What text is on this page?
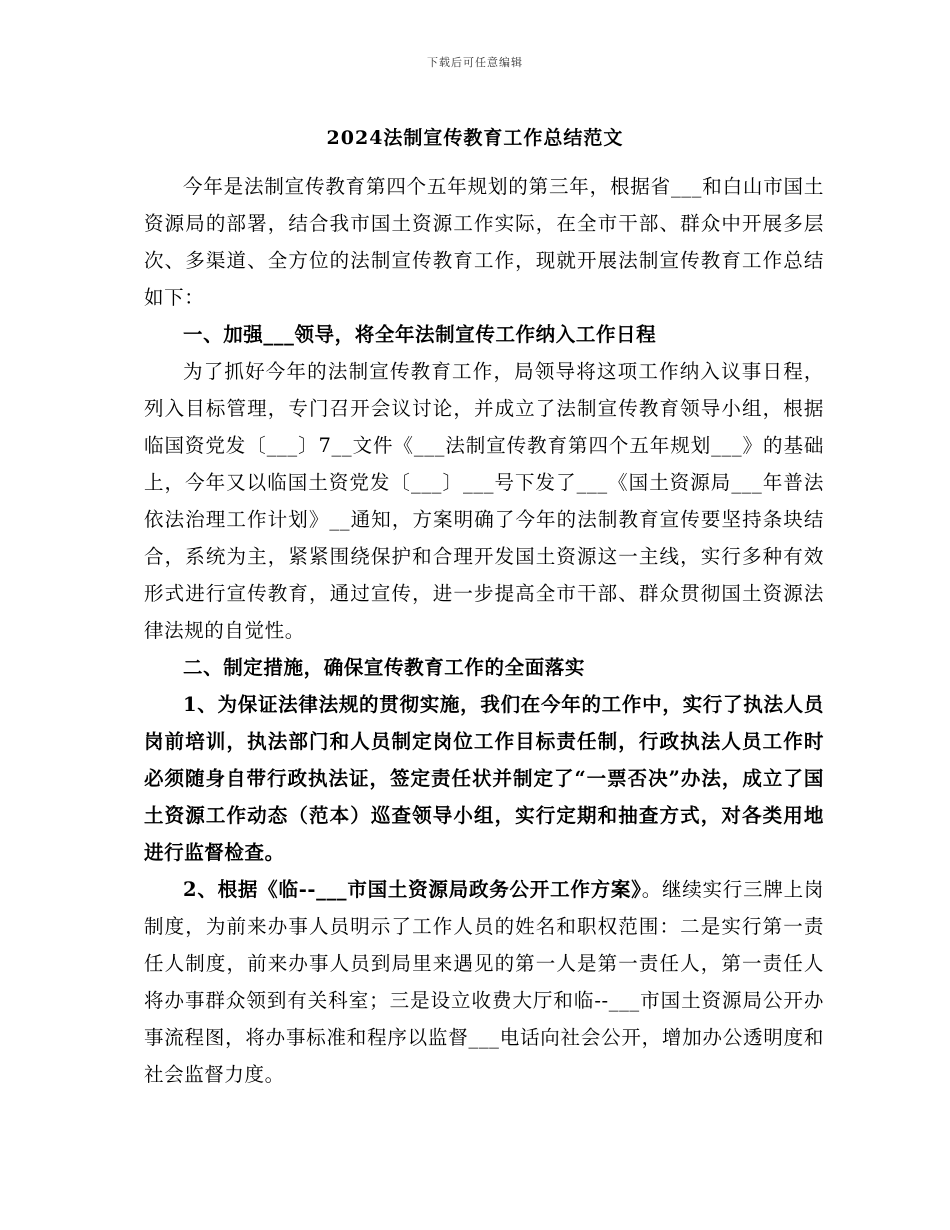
下载后可任意编辑
2024法制宣传教育工作总结范文

今年是法制宣传教育第四个五年规划的第三年，根据省___和白山市国土资源局的部署，结合我市国土资源工作实际，在全市干部、群众中开展多层次、多渠道、全方位的法制宣传教育工作，现就开展法制宣传教育工作总结如下：

一、加强___领导，将全年法制宣传工作纳入工作日程

为了抓好今年的法制宣传教育工作，局领导将这项工作纳入议事日程，列入目标管理，专门召开会议讨论，并成立了法制宣传教育领导小组，根据临国资党发〔___〕7__文件《___法制宣传教育第四个五年规划___》的基础上，今年又以临国土资党发〔___〕___号下发了___《国土资源局___年普法依法治理工作计划》__通知，方案明确了今年的法制教育宣传要坚持条块结合，系统为主，紧紧围绕保护和合理开发国土资源这一主线，实行多种有效形式进行宣传教育，通过宣传，进一步提高全市干部、群众贯彻国土资源法律法规的自觉性。

二、制定措施，确保宣传教育工作的全面落实

1、为保证法律法规的贯彻实施，我们在今年的工作中，实行了执法人员岗前培训，执法部门和人员制定岗位工作目标责任制，行政执法人员工作时必须随身自带行政执法证，签定责任状并制定了“一票否决”办法，成立了国土资源工作动态（范本）巡查领导小组，实行定期和抽查方式，对各类用地进行监督检查。

2、根据《临--___市国土资源局政务公开工作方案》。继续实行三牌上岗制度，为前来办事人员明示了工作人员的姓名和职权范围：二是实行第一责任人制度，前来办事人员到局里来遇见的第一人是第一责任人，第一责任人将办事群众领到有关科室；三是设立收费大厅和临--___市国土资源局公开办事流程图，将办事标准和程序以监督___电话向社会公开，增加办公透明度和社会监督力度。
